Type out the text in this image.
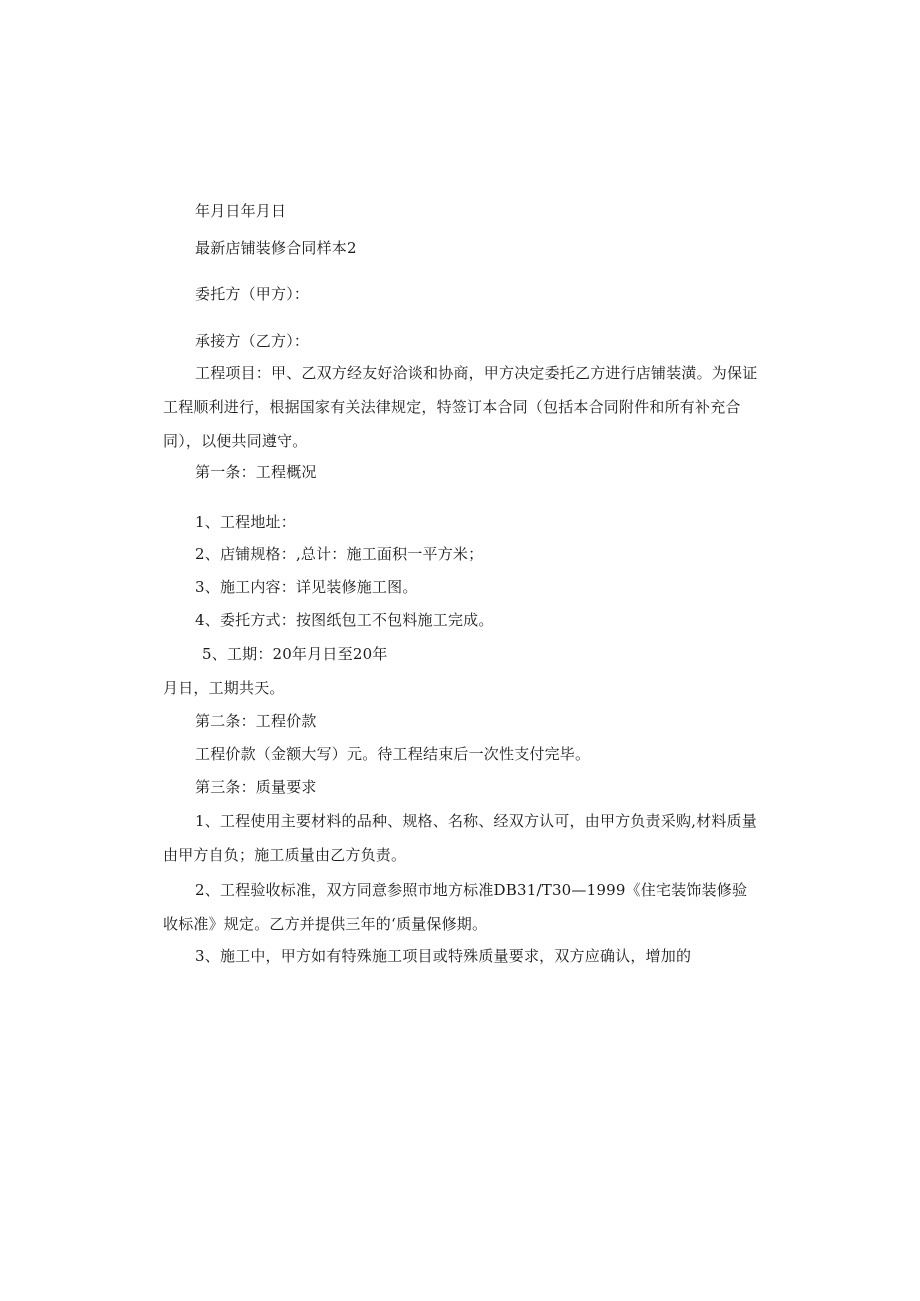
年月日年月日
最新店铺装修合同样本2
委托方（甲方）：
承接方（乙方）：
工程项目：甲、乙双方经友好洽谈和协商，甲方决定委托乙方进行店铺装潢。为保证工程顺利进行，根据国家有关法律规定，特签订本合同（包括本合同附件和所有补充合同），以便共同遵守。
第一条：工程概况
1、工程地址：
2、店铺规格：,总计：施工面积一平方米；
3、施工内容：详见装修施工图。
4、委托方式：按图纸包工不包料施工完成。
5、工期：20年月日至20年
月日，工期共天。
第二条：工程价款
工程价款（金额大写）元。待工程结束后一次性支付完毕。
第三条：质量要求
1、工程使用主要材料的品种、规格、名称、经双方认可，由甲方负责采购,材料质量由甲方自负；施工质量由乙方负责。
2、工程验收标准，双方同意参照市地方标准DB31/T30—1999《住宅装饰装修验收标准》规定。乙方并提供三年的‘质量保修期。
3、施工中，甲方如有特殊施工项目或特殊质量要求，双方应确认，增加的
